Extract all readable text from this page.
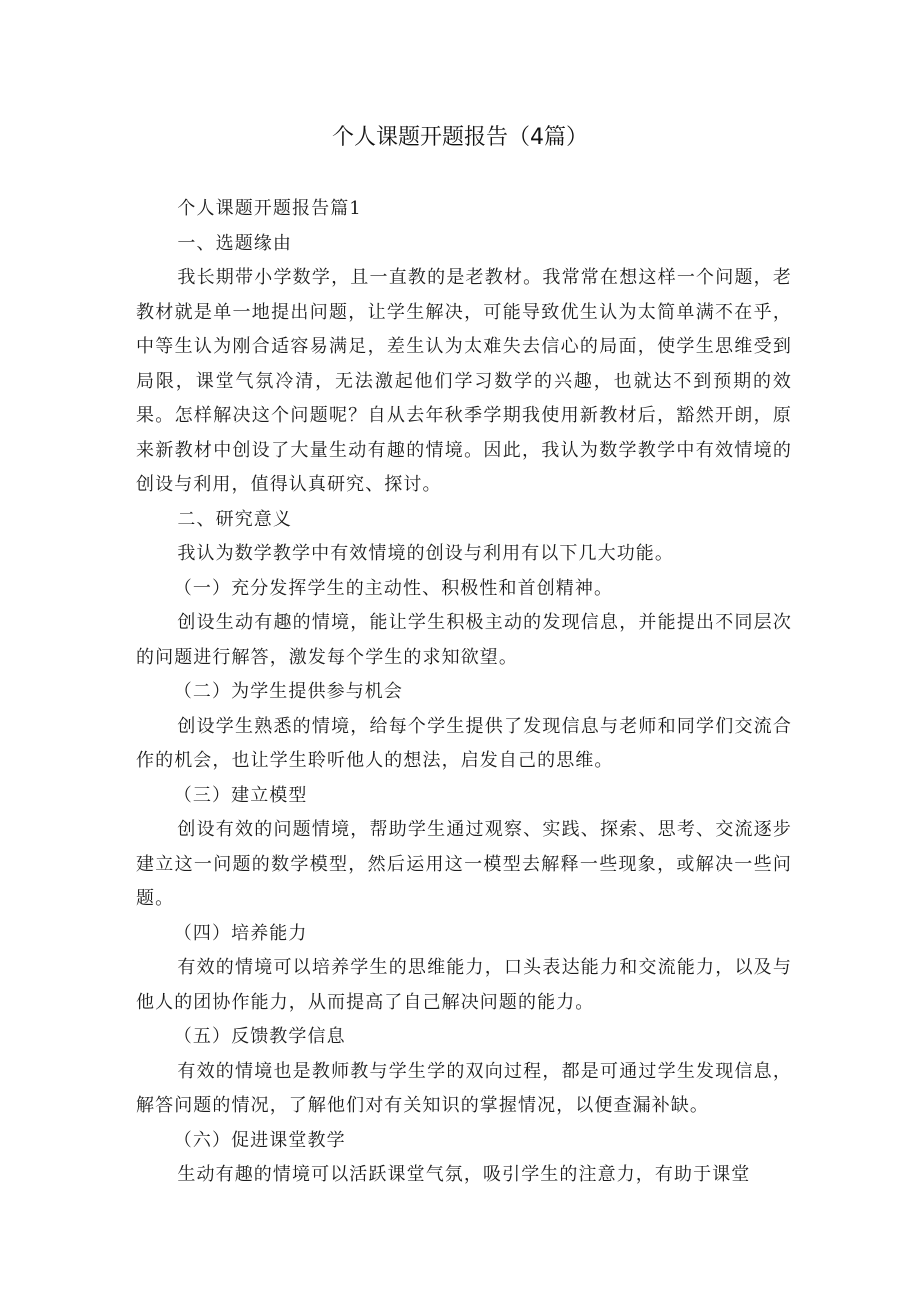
个人课题开题报告（4篇）

个人课题开题报告篇1

一、选题缘由

我长期带小学数学，且一直教的是老教材。我常常在想这样一个问题，老教材就是单一地提出问题，让学生解决，可能导致优生认为太简单满不在乎，中等生认为刚合适容易满足，差生认为太难失去信心的局面，使学生思维受到局限，课堂气氛冷清，无法激起他们学习数学的兴趣，也就达不到预期的效果。怎样解决这个问题呢？自从去年秋季学期我使用新教材后，豁然开朗，原来新教材中创设了大量生动有趣的情境。因此，我认为数学教学中有效情境的创设与利用，值得认真研究、探讨。

二、研究意义

我认为数学教学中有效情境的创设与利用有以下几大功能。

（一）充分发挥学生的主动性、积极性和首创精神。

创设生动有趣的情境，能让学生积极主动的发现信息，并能提出不同层次的问题进行解答，激发每个学生的求知欲望。

（二）为学生提供参与机会

创设学生熟悉的情境，给每个学生提供了发现信息与老师和同学们交流合作的机会，也让学生聆听他人的想法，启发自己的思维。

（三）建立模型

创设有效的问题情境，帮助学生通过观察、实践、探索、思考、交流逐步建立这一问题的数学模型，然后运用这一模型去解释一些现象，或解决一些问题。

（四）培养能力

有效的情境可以培养学生的思维能力，口头表达能力和交流能力，以及与他人的团协作能力，从而提高了自己解决问题的能力。

（五）反馈教学信息

有效的情境也是教师教与学生学的双向过程，都是可通过学生发现信息，解答问题的情况，了解他们对有关知识的掌握情况，以便查漏补缺。

（六）促进课堂教学

生动有趣的情境可以活跃课堂气氛，吸引学生的注意力，有助于课堂
